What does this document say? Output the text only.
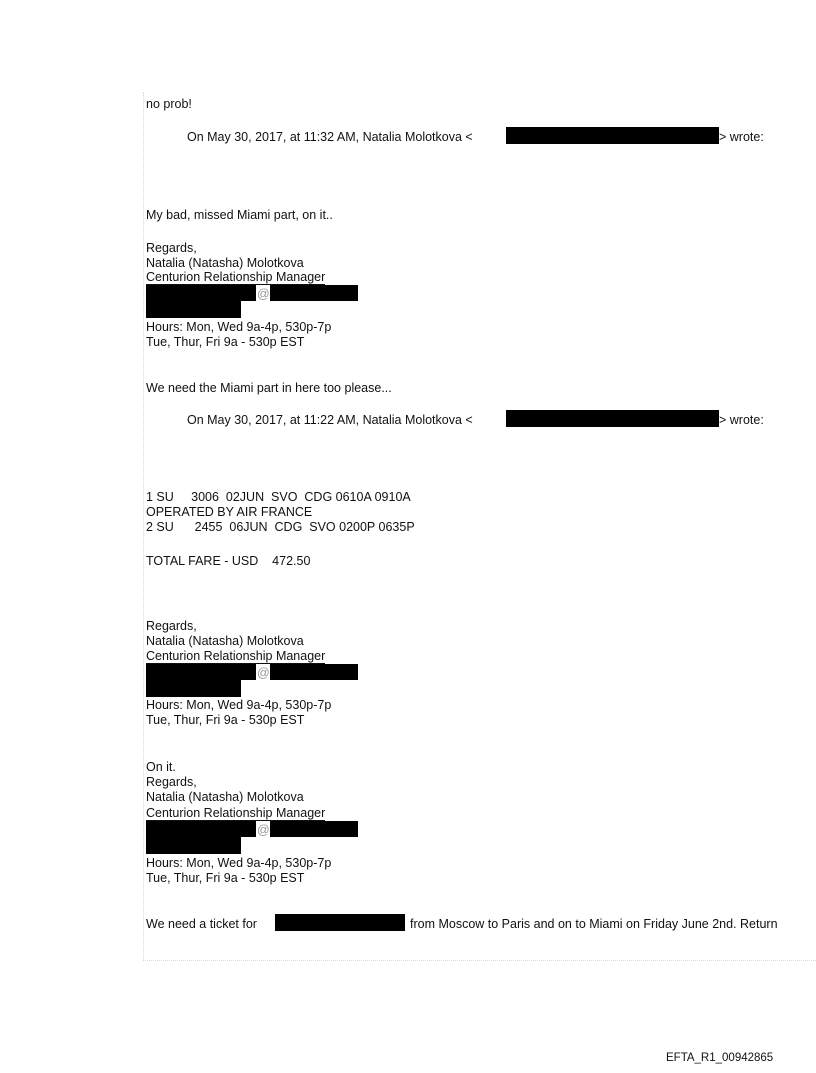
no prob!
On May 30, 2017, at 11:32 AM, Natalia Molotkova <	> wrote:
My bad, missed Miami part, on it..
Regards,
Natalia (Natasha) Molotkova
Centurion Relationship Manager
@
Hours: Mon, Wed 9a-4p, 530p-7p
Tue, Thur, Fri 9a - 530p EST
We need the Miami part in here too please...
On May 30, 2017, at 11:22 AM, Natalia Molotkova <	> wrote:
1 SU     3006  02JUN  SVO  CDG 0610A 0910A
OPERATED BY AIR FRANCE
2 SU      2455  06JUN  CDG  SVO 0200P 0635P
TOTAL FARE - USD    472.50
Regards,
Natalia (Natasha) Molotkova
Centurion Relationship Manager
@
Hours: Mon, Wed 9a-4p, 530p-7p
Tue, Thur, Fri 9a - 530p EST
On it.
Regards,
Natalia (Natasha) Molotkova
Centurion Relationship Manager
@
Hours: Mon, Wed 9a-4p, 530p-7p
Tue, Thur, Fri 9a - 530p EST
We need a ticket for	from Moscow to Paris and on to Miami on Friday June 2nd. Return
EFTA_R1_00942865
